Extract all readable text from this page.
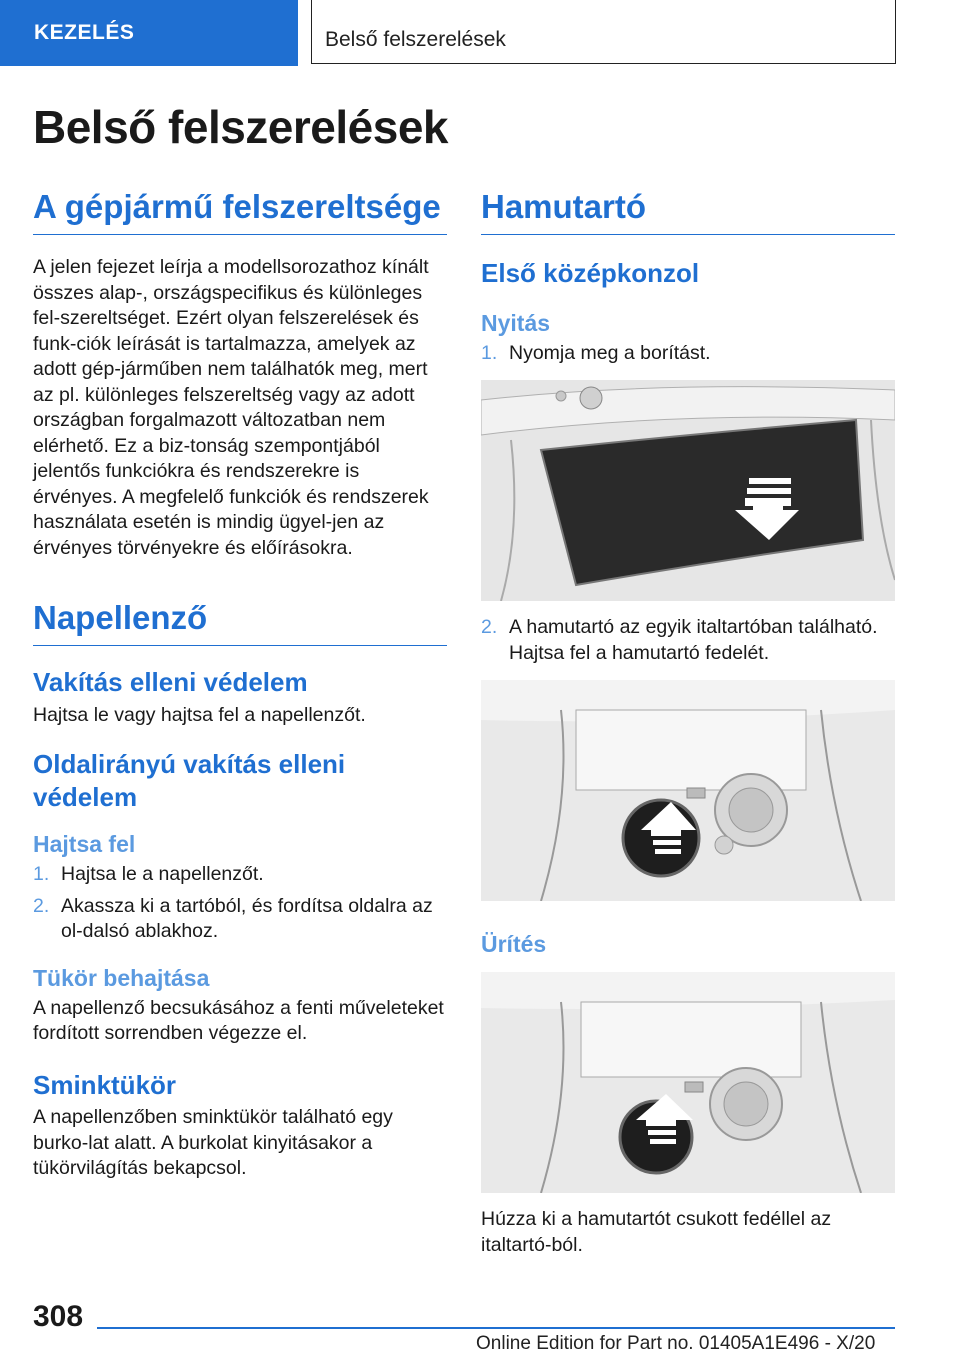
KEZELÉS	Belső felszerelések
Belső felszerelések
A gépjármű felszereltsége

A jelen fejezet leírja a modellsorozathoz kínált összes alap-, országspecifikus és különleges fel-szereltséget. Ezért olyan felszerelések és funk-ciók leírását is tartalmazza, amelyek az adott gép-járműben nem találhatók meg, mert az pl. különleges felszereltség vagy az adott országban forgalmazott változatban nem elérhető. Ez a biz-tonság szempontjából jelentős funkciókra és rendszerekre is érvényes. A megfelelő funkciók és rendszerek használata esetén is mindig ügyel-jen az érvényes törvényekre és előírásokra.

Napellenző
Vakítás elleni védelem

Hajtsa le vagy hajtsa fel a napellenzőt.

Oldalirányú vakítás elleni védelem
Hajtsa fel
1. Hajtsa le a napellenzőt.
2. Akassza ki a tartóból, és fordítsa oldalra az ol-dalsó ablakhoz.
Tükör behajtása

A napellenző becsukásához a fenti műveleteket fordított sorrendben végezze el.

Sminktükör

A napellenzőben sminktükör található egy burko-lat alatt. A burkolat kinyitásakor a tükörvilágítás bekapcsol.

Hamutartó
Első középkonzol
Nyitás
1. Nyomja meg a borítást.
2. A hamutartó az egyik italtartóban található. Hajtsa fel a hamutartó fedelét.
Ürítés

Húzza ki a hamutartót csukott fedéllel az italtartó-ból.

308
Online Edition for Part no. 01405A1E496 - X/20
